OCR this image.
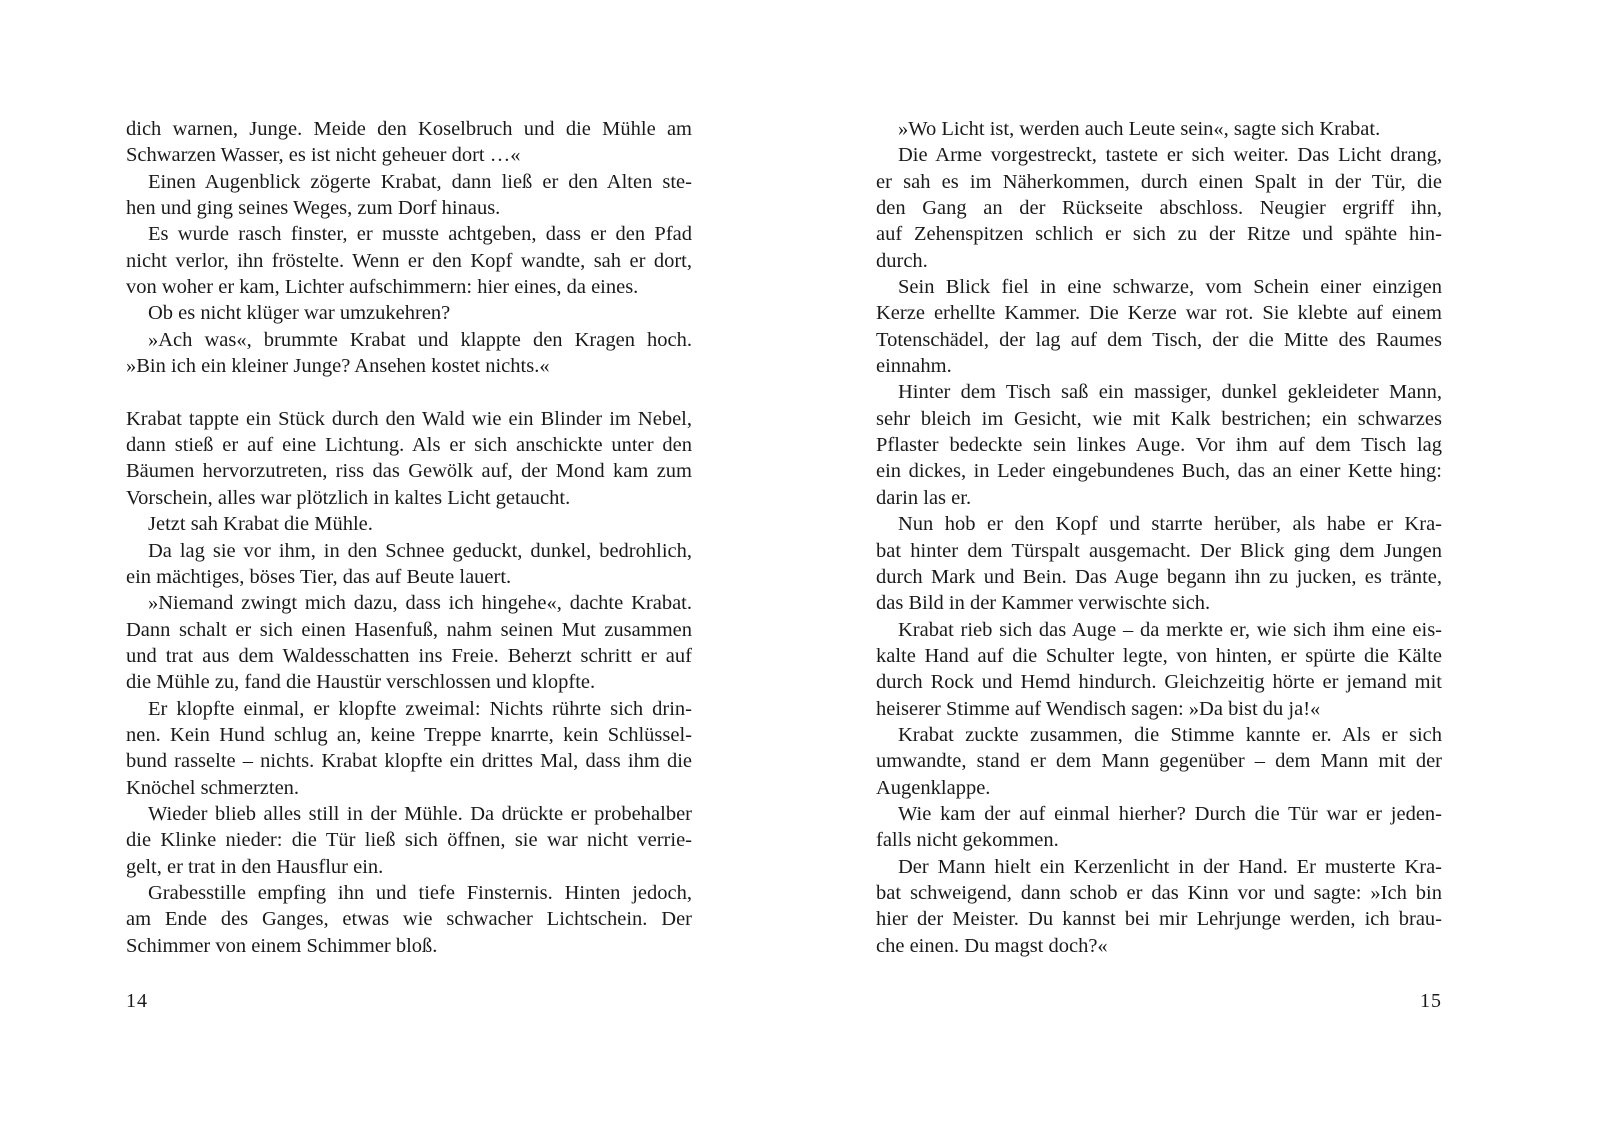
dich warnen, Junge. Meide den Koselbruch und die Mühle am
Schwarzen Wasser, es ist nicht geheuer dort …«
Einen Augenblick zögerte Krabat, dann ließ er den Alten ste-
hen und ging seines Weges, zum Dorf hinaus.
Es wurde rasch finster, er musste achtgeben, dass er den Pfad
nicht verlor, ihn fröstelte. Wenn er den Kopf wandte, sah er dort,
von woher er kam, Lichter aufschimmern: hier eines, da eines.
Ob es nicht klüger war umzukehren?
»Ach was«, brummte Krabat und klappte den Kragen hoch.
»Bin ich ein kleiner Junge? Ansehen kostet nichts.«
Krabat tappte ein Stück durch den Wald wie ein Blinder im Nebel,
dann stieß er auf eine Lichtung. Als er sich anschickte unter den
Bäumen hervorzutreten, riss das Gewölk auf, der Mond kam zum
Vorschein, alles war plötzlich in kaltes Licht getaucht.
Jetzt sah Krabat die Mühle.
Da lag sie vor ihm, in den Schnee geduckt, dunkel, bedrohlich,
ein mächtiges, böses Tier, das auf Beute lauert.
»Niemand zwingt mich dazu, dass ich hingehe«, dachte Krabat.
Dann schalt er sich einen Hasenfuß, nahm seinen Mut zusammen
und trat aus dem Waldesschatten ins Freie. Beherzt schritt er auf
die Mühle zu, fand die Haustür verschlossen und klopfte.
Er klopfte einmal, er klopfte zweimal: Nichts rührte sich drin-
nen. Kein Hund schlug an, keine Treppe knarrte, kein Schlüssel-
bund rasselte – nichts. Krabat klopfte ein drittes Mal, dass ihm die
Knöchel schmerzten.
Wieder blieb alles still in der Mühle. Da drückte er probehalber
die Klinke nieder: die Tür ließ sich öffnen, sie war nicht verrie-
gelt, er trat in den Hausflur ein.
Grabesstille empfing ihn und tiefe Finsternis. Hinten jedoch,
am Ende des Ganges, etwas wie schwacher Lichtschein. Der
Schimmer von einem Schimmer bloß.
»Wo Licht ist, werden auch Leute sein«, sagte sich Krabat.
Die Arme vorgestreckt, tastete er sich weiter. Das Licht drang,
er sah es im Näherkommen, durch einen Spalt in der Tür, die
den Gang an der Rückseite abschloss. Neugier ergriff ihn,
auf Zehenspitzen schlich er sich zu der Ritze und spähte hin-
durch.
Sein Blick fiel in eine schwarze, vom Schein einer einzigen
Kerze erhellte Kammer. Die Kerze war rot. Sie klebte auf einem
Totenschädel, der lag auf dem Tisch, der die Mitte des Raumes
einnahm.
Hinter dem Tisch saß ein massiger, dunkel gekleideter Mann,
sehr bleich im Gesicht, wie mit Kalk bestrichen; ein schwarzes
Pflaster bedeckte sein linkes Auge. Vor ihm auf dem Tisch lag
ein dickes, in Leder eingebundenes Buch, das an einer Kette hing:
darin las er.
Nun hob er den Kopf und starrte herüber, als habe er Kra-
bat hinter dem Türspalt ausgemacht. Der Blick ging dem Jungen
durch Mark und Bein. Das Auge begann ihn zu jucken, es tränte,
das Bild in der Kammer verwischte sich.
Krabat rieb sich das Auge – da merkte er, wie sich ihm eine eis-
kalte Hand auf die Schulter legte, von hinten, er spürte die Kälte
durch Rock und Hemd hindurch. Gleichzeitig hörte er jemand mit
heiserer Stimme auf Wendisch sagen: »Da bist du ja!«
Krabat zuckte zusammen, die Stimme kannte er. Als er sich
umwandte, stand er dem Mann gegenüber – dem Mann mit der
Augenklappe.
Wie kam der auf einmal hierher? Durch die Tür war er jeden-
falls nicht gekommen.
Der Mann hielt ein Kerzenlicht in der Hand. Er musterte Kra-
bat schweigend, dann schob er das Kinn vor und sagte: »Ich bin
hier der Meister. Du kannst bei mir Lehrjunge werden, ich brau-
che einen. Du magst doch?«
14	15
